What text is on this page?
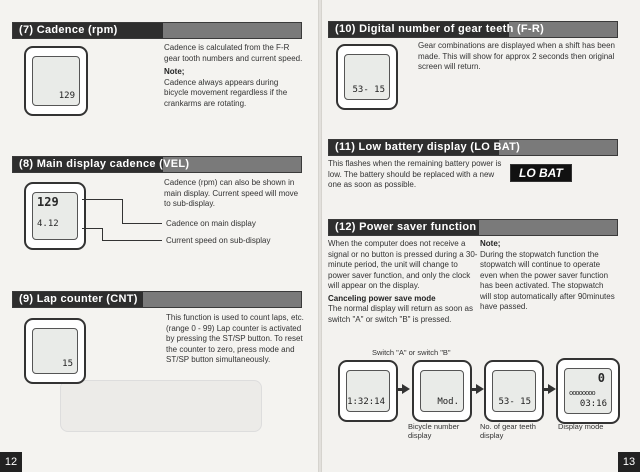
(7) Cadence (rpm)
129
Cadence is calculated from the F-R gear tooth numbers and current speed.
Note;
Cadence always appears during bicycle movement regardless if the crankarms are rotating.
(8) Main display cadence (VEL)
129
4.12
Cadence (rpm) can also be shown in main display. Current speed will move to sub-display.
Cadence on main display
Current speed on sub-display
(9) Lap counter (CNT)
15
This function is used to count laps, etc. (range 0 - 99) Lap counter is activated by pressing the ST/SP button. To reset the counter to zero, press mode and ST/SP button simultaneously.
12
(10) Digital number of gear teeth (F-R)
53- 15
Gear combinations are displayed when a shift has been made. This will show for approx 2 seconds then original screen will return.
(11) Low battery display (LO BAT)
This flashes when the remaining battery power is low. The battery should be replaced with a new one as soon as possible.
(12) Power saver function
When the computer does not receive a signal or no button is pressed during a 30-minute period, the unit will change to power saver function, and only the clock will appear on the display.
Canceling power save mode
The normal display will return as soon as switch "A" or switch "B" is pressed.
Note;
During the stopwatch function the stopwatch will continue to operate even when the power saver function has been activated. The stopwatch will stop automatically after 90minutes have passed.
Switch "A" or switch "B"
1:32:14	Mod.	53- 15
0
oooooooo
03:16
Bicycle number display
No. of gear teeth display
Display mode
13
LO BAT
